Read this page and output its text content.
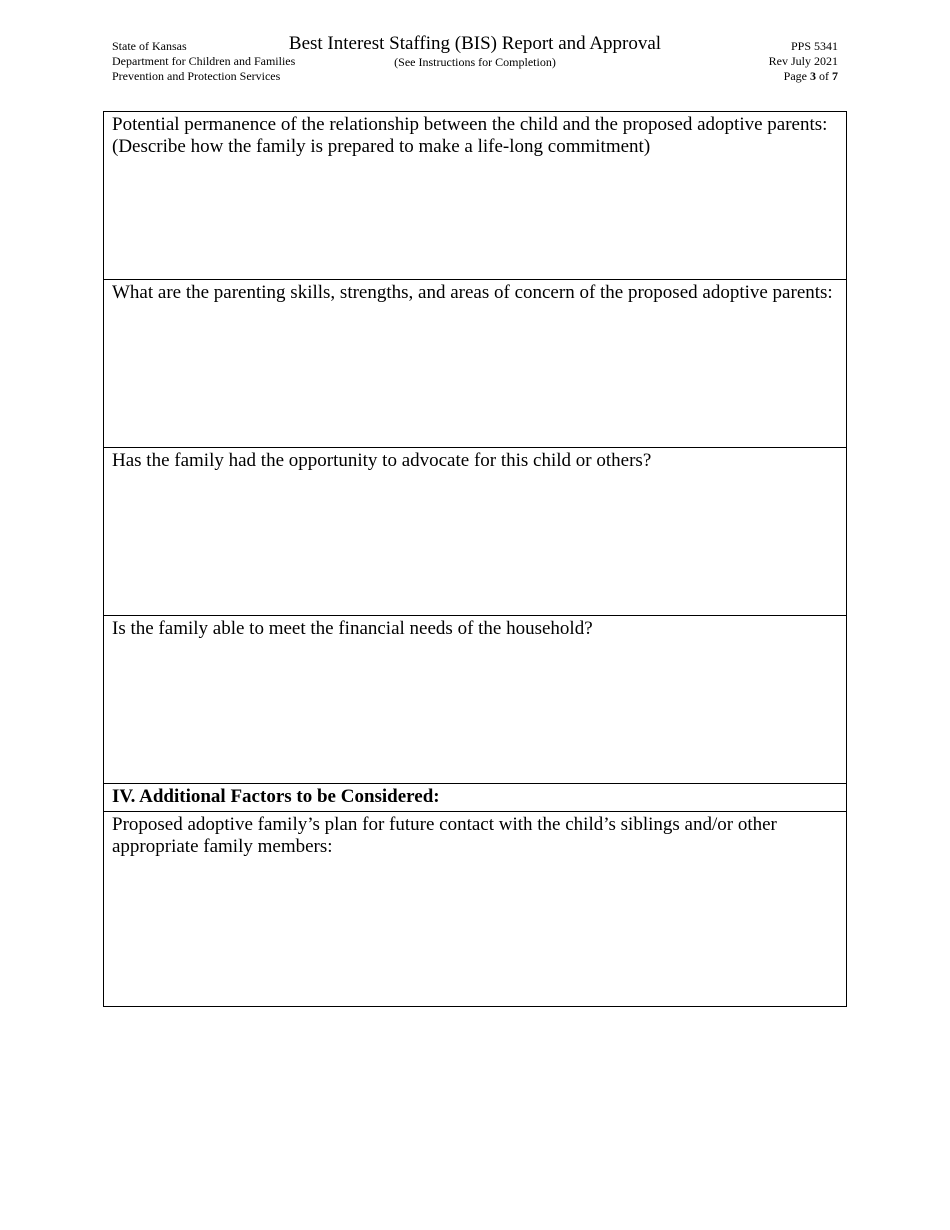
State of Kansas
Department for Children and Families
Prevention and Protection Services
Best Interest Staffing (BIS) Report and Approval
(See Instructions for Completion)
PPS 5341
Rev July 2021
Page 3 of 7
Potential permanence of the relationship between the child and the proposed adoptive parents:
(Describe how the family is prepared to make a life-long commitment)
What are the parenting skills, strengths, and areas of concern of the proposed adoptive parents:
Has the family had the opportunity to advocate for this child or others?
Is the family able to meet the financial needs of the household?
IV. Additional Factors to be Considered:
Proposed adoptive family’s plan for future contact with the child’s siblings and/or other
appropriate family members:
